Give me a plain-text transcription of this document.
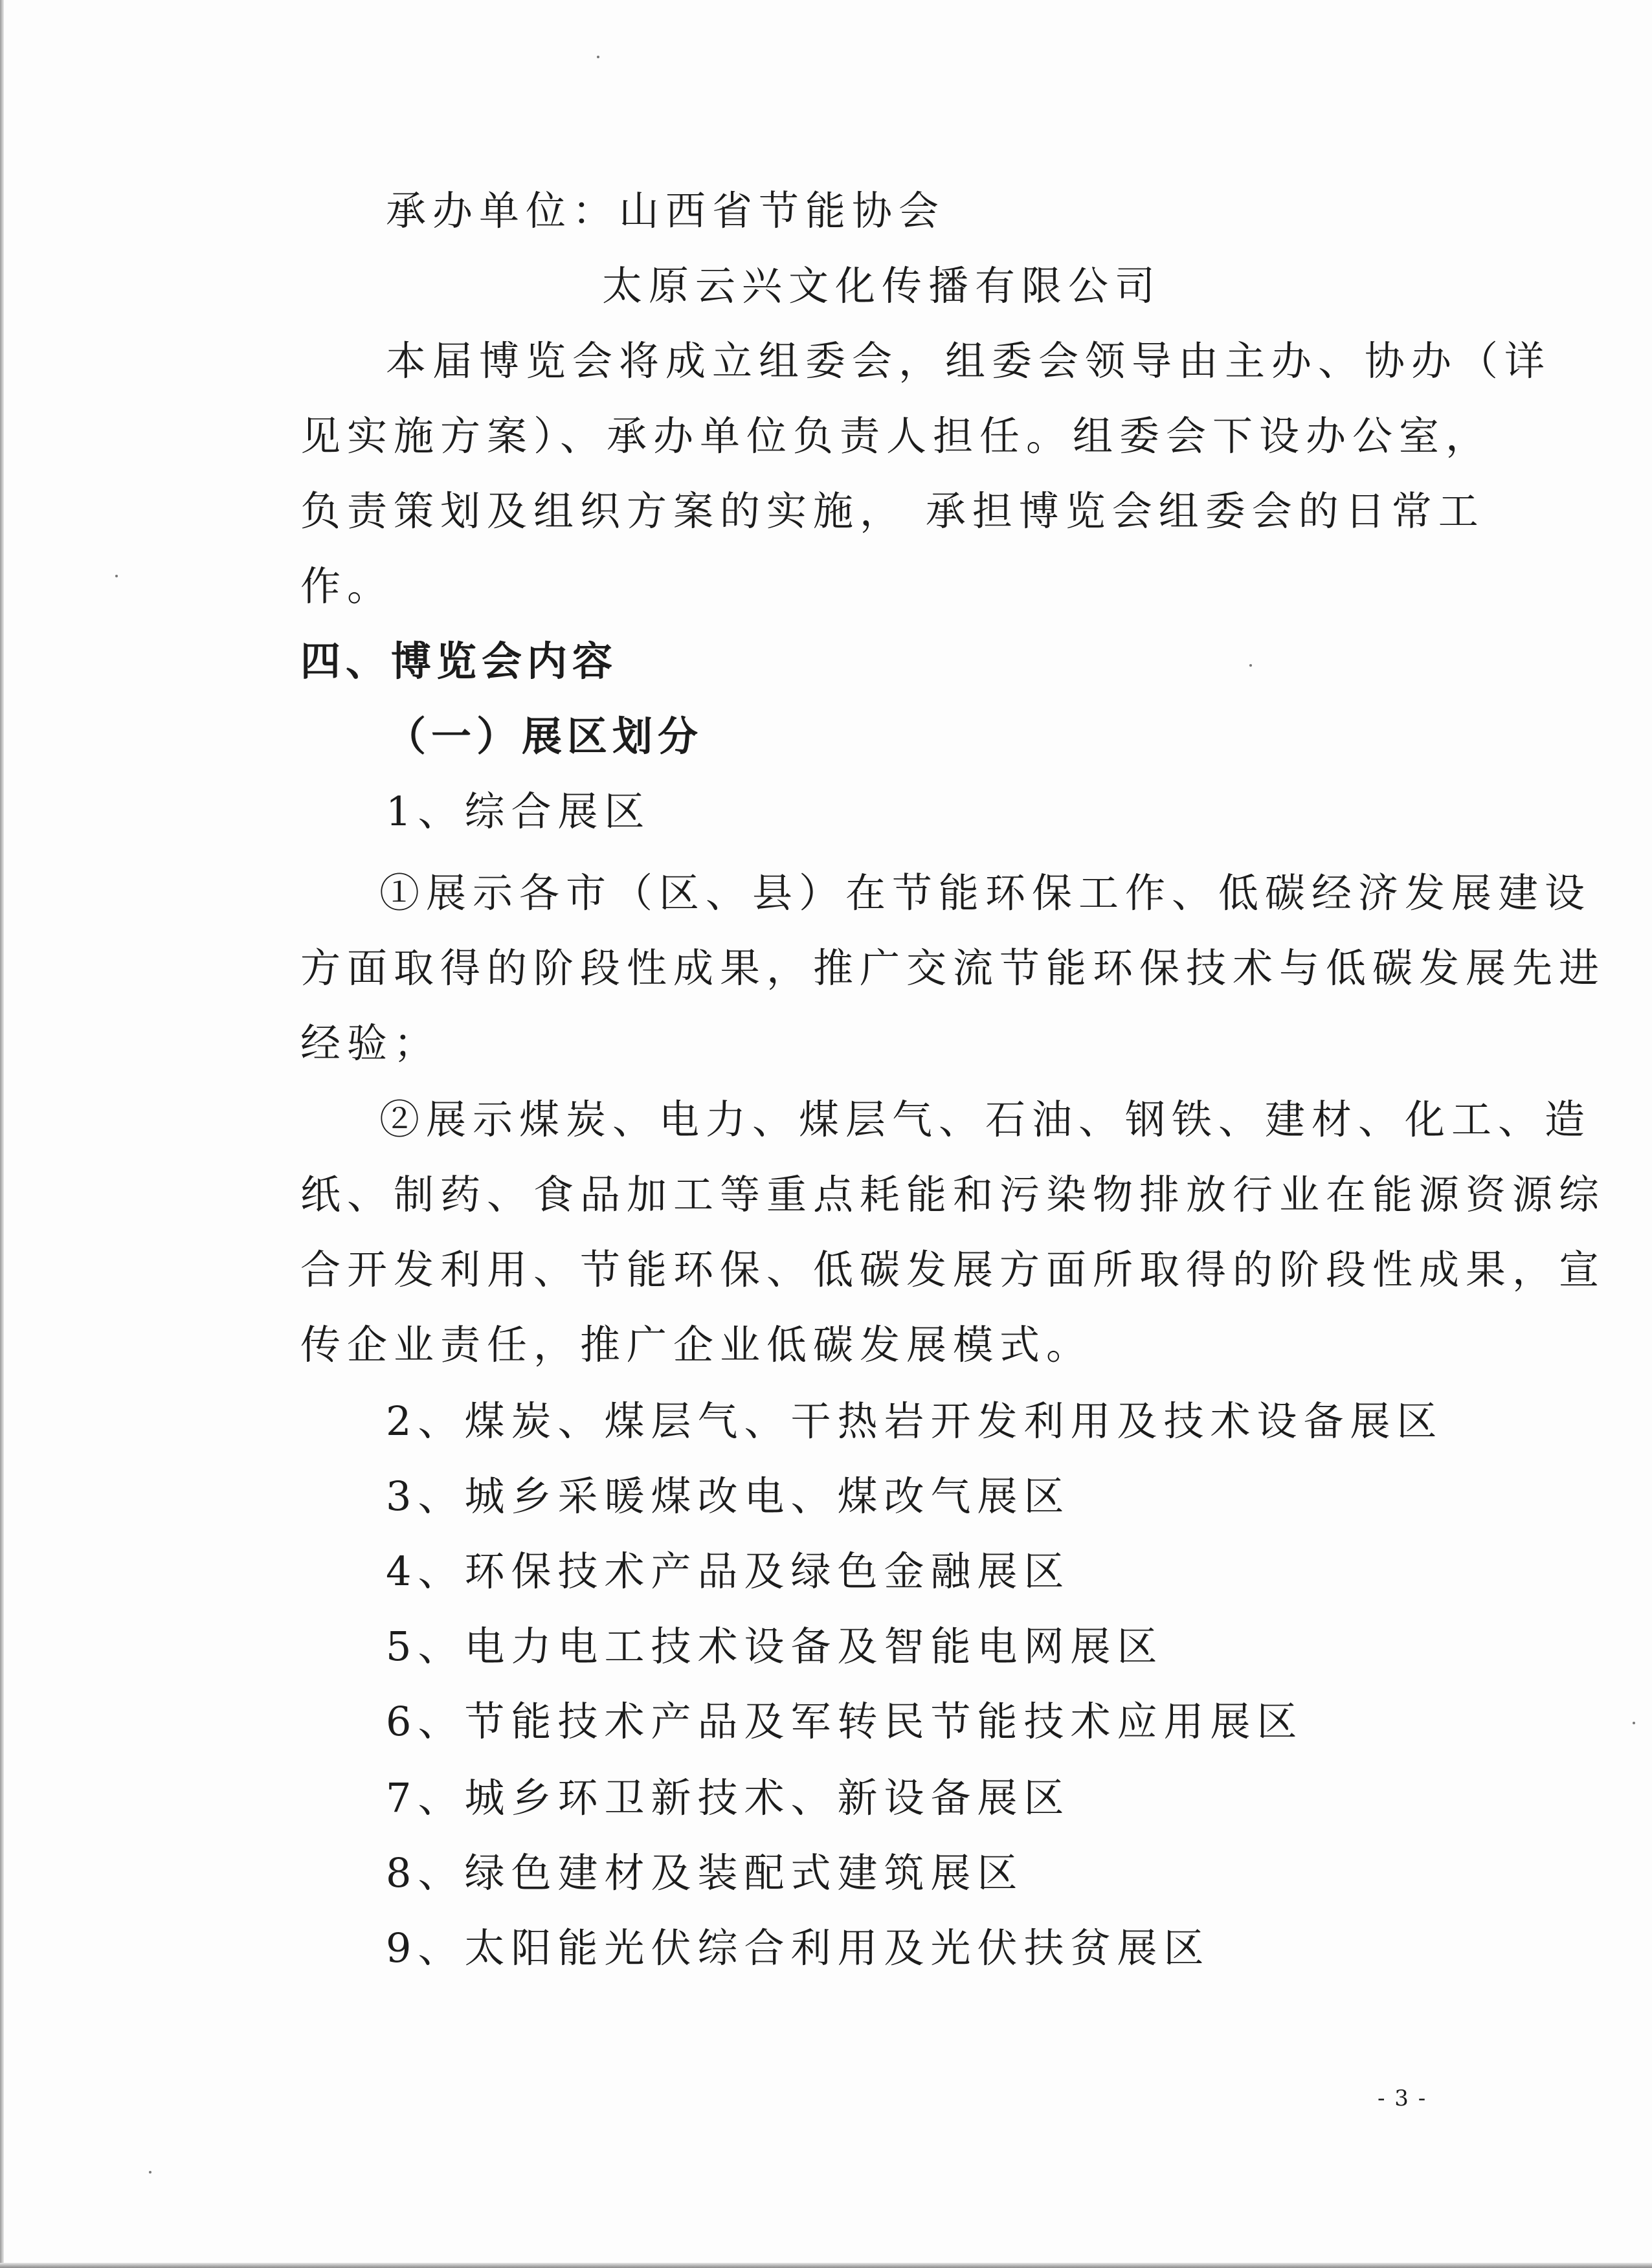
承办单位：山西省节能协会
太原云兴文化传播有限公司
本届博览会将成立组委会，组委会领导由主办、协办（详
见实施方案）、承办单位负责人担任。组委会下设办公室，
负责策划及组织方案的实施， 承担博览会组委会的日常工
作。
四、博览会内容
（一）展区划分
1、综合展区
①展示各市（区、县）在节能环保工作、低碳经济发展建设
方面取得的阶段性成果，推广交流节能环保技术与低碳发展先进
经验；
②展示煤炭、电力、煤层气、石油、钢铁、建材、化工、造
纸、制药、食品加工等重点耗能和污染物排放行业在能源资源综
合开发利用、节能环保、低碳发展方面所取得的阶段性成果，宣
传企业责任，推广企业低碳发展模式。
2、煤炭、煤层气、干热岩开发利用及技术设备展区
3、城乡采暖煤改电、煤改气展区
4、环保技术产品及绿色金融展区
5、电力电工技术设备及智能电网展区
6、节能技术产品及军转民节能技术应用展区
7、城乡环卫新技术、新设备展区
8、绿色建材及装配式建筑展区
9、太阳能光伏综合利用及光伏扶贫展区
- 3 -
